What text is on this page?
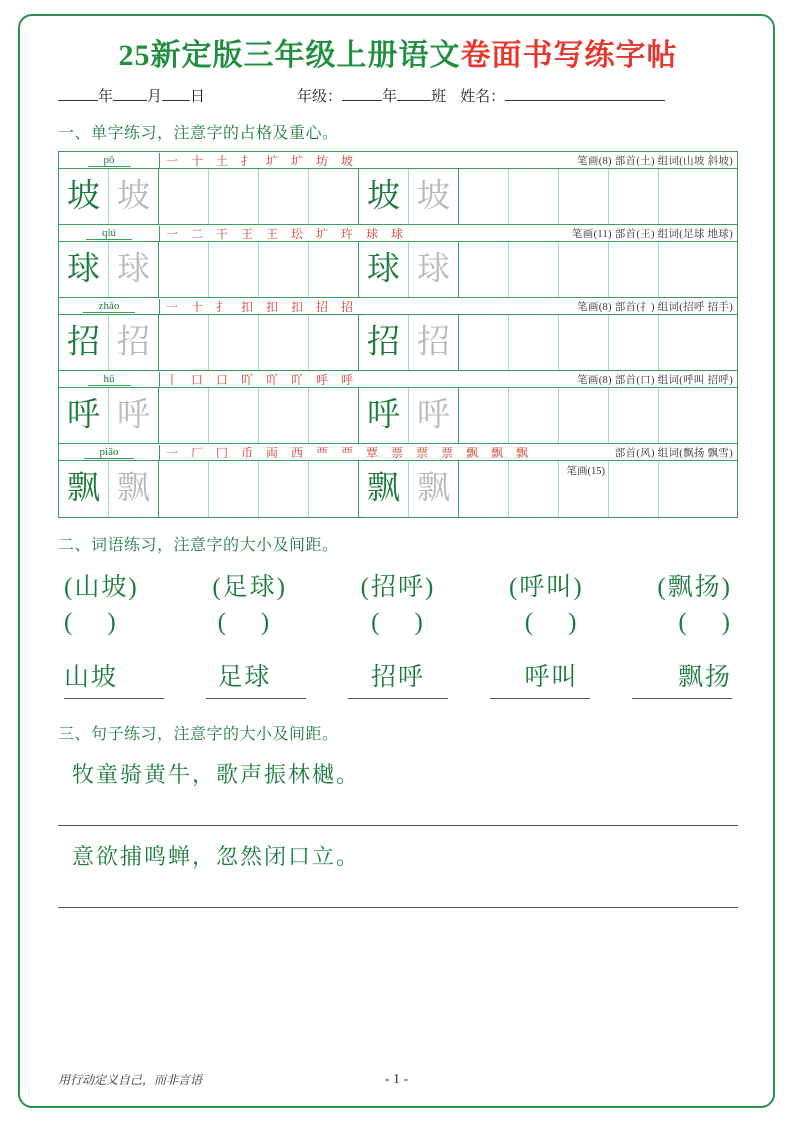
25新定版三年级上册语文卷面书写练字帖
年 月 日	年级：	年 班 姓名：
一、单字练习，注意字的占格及重心。
pō	一 十 土 扌 圹 圹 坊 坡	笔画(8) 部首(土) 组词(山坡 斜坡)
坡 坡	坡 坡
qiú	一 二 干 王 王 玜 圹 玝 球 球	笔画(11) 部首(王) 组词(足球 地球)
球 球	球 球
zhāo	一 十 扌 扣 扣 扣 招 招	笔画(8) 部首(扌) 组词(招呼 招手)
招 招	招 招
hū	丨 口 口 吖 吖 吖 呼 呼	笔画(8) 部首(口) 组词(呼叫 招呼)
呼 呼	呼 呼
piāo	一 厂 冂 币 両 西 覀 覀 覃 票 票 票 飘 飘 飘	部首(风) 组词(飘扬 飘雪)
飘 飘	飘 飘	笔画(15)
二、词语练习，注意字的大小及间距。
(山坡)	(足球)	(招呼)	(呼叫)	(飘扬)
( )	( )	( )	( )	( )
山坡	足球	招呼	呼叫	飘扬
三、句子练习，注意字的大小及间距。
牧童骑黄牛，歌声振林樾。
意欲捕鸣蝉，忽然闭口立。
用行动定义自己，而非言语	- 1 -
